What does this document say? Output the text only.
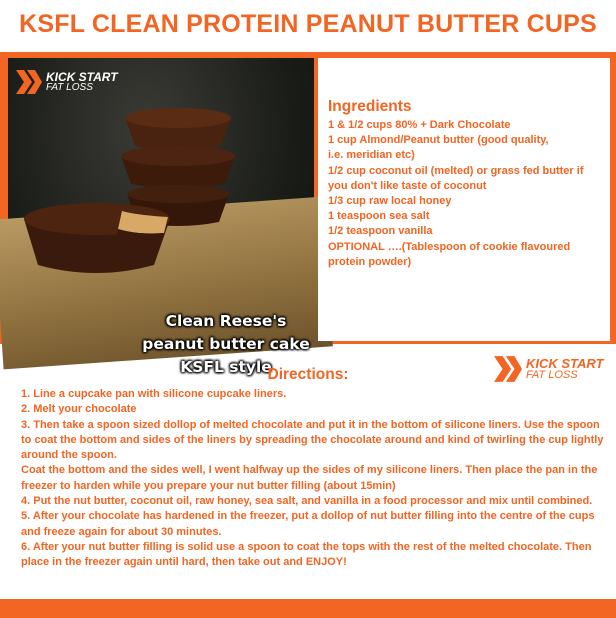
KSFL CLEAN PROTEIN PEANUT BUTTER CUPS
KICK START
FAT LOSS
Clean Reese's
peanut butter cake
KSFL style
Ingredients
1 & 1/2 cups 80% + Dark Chocolate
1 cup Almond/Peanut butter (good quality,
i.e. meridian etc)
1/2 cup coconut oil (melted) or grass fed butter if
you don't like taste of coconut
1/3 cup raw local honey
1 teaspoon sea salt
1/2 teaspoon vanilla
OPTIONAL ….(Tablespoon of cookie flavoured
protein powder)
KICK START
FAT LOSS
Directions:

1. Line a cupcake pan with silicone cupcake liners.

2. Melt your chocolate

3. Then take a spoon sized dollop of melted chocolate and put it in the bottom of silicone liners. Use the spoon to coat the bottom and sides of the liners by spreading the chocolate around and kind of twirling the cup lightly around the spoon.

Coat the bottom and the sides well, I went halfway up the sides of my silicone liners. Then place the pan in the freezer to harden while you prepare your nut butter filling (about 15min)

4. Put the nut butter, coconut oil, raw honey, sea salt, and vanilla in a food processor and mix until combined.

5. After your chocolate has hardened in the freezer, put a dollop of nut butter filling into the centre of the cups and freeze again for about 30 minutes.

6. After your nut butter filling is solid use a spoon to coat the tops with the rest of the melted chocolate. Then place in the freezer again until hard, then take out and ENJOY!
